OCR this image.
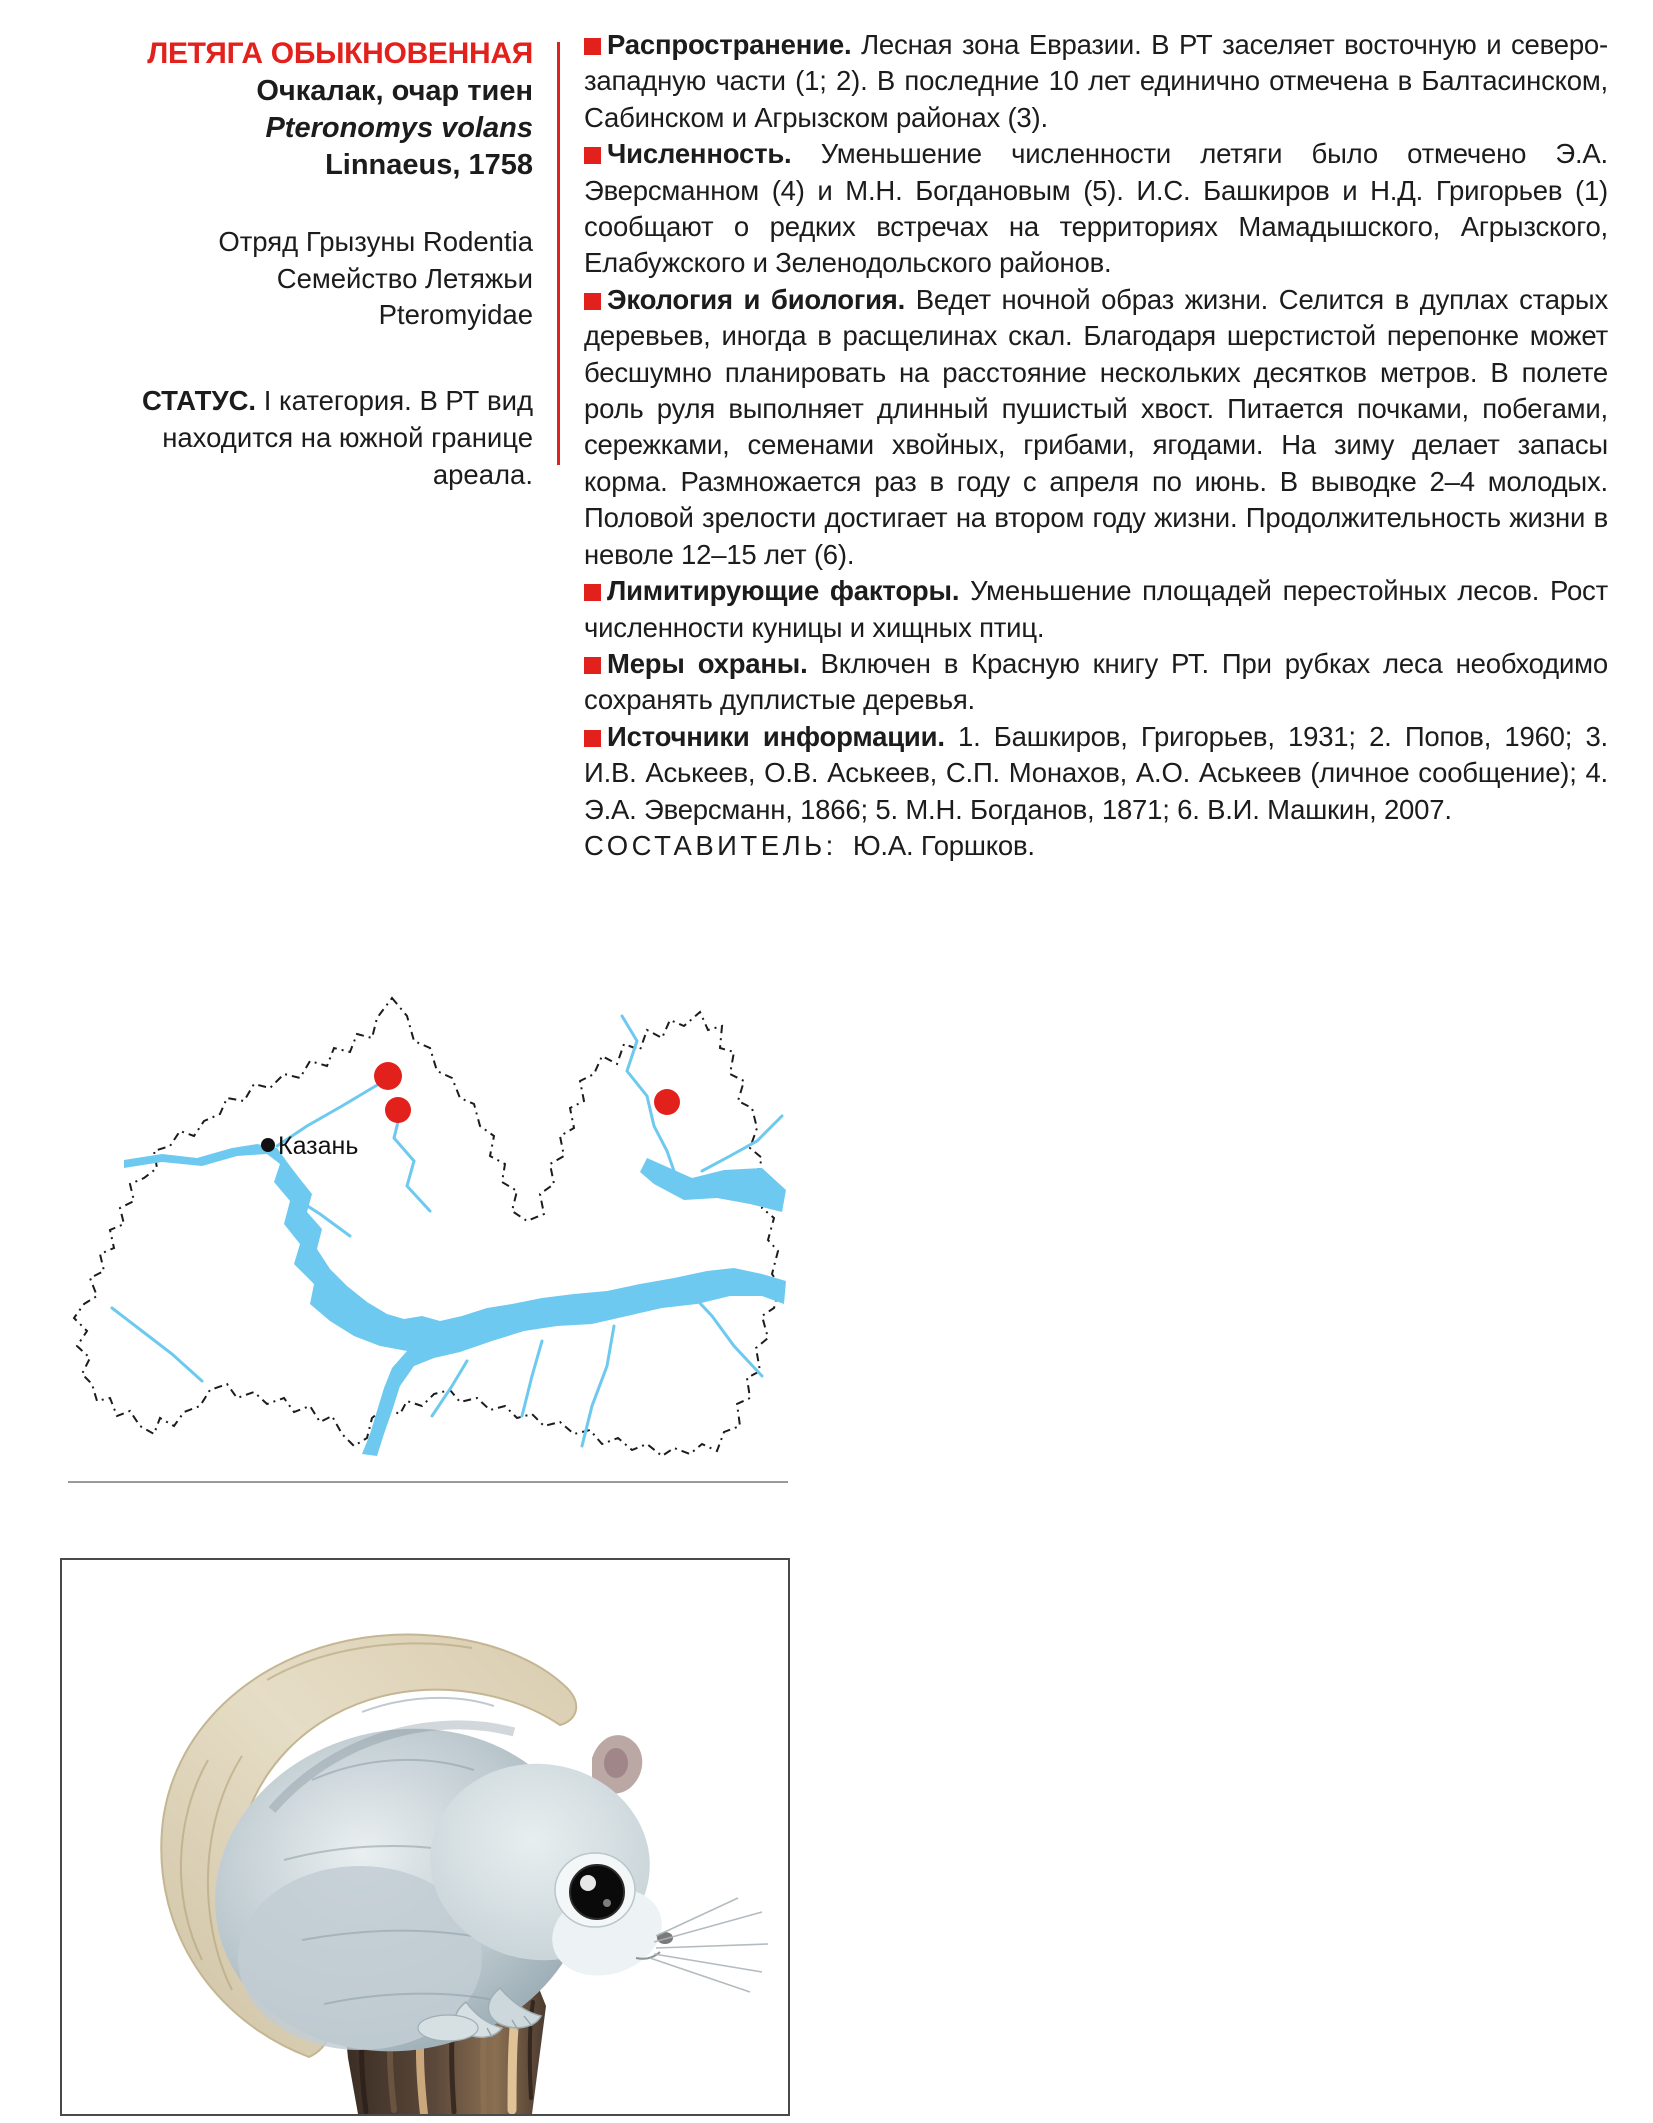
ЛЕТЯГА ОБЫКНОВЕННАЯ
Очкалак, очар тиен
Pteronomys volans
Linnaeus, 1758
Отряд Грызуны Rodentia
Семейство Летяжьи
Pteromyidae
СТАТУС. I категория. В РТ вид находится на южной границе ареала.

Распространение. Лесная зона Евразии. В РТ заселяет восточную и северо-западную части (1; 2). В последние 10 лет единично отмечена в Балтасинском, Сабинском и Агрызском районах (3).

Численность. Уменьшение численности летяги было отмечено Э.А. Эверсманном (4) и М.Н. Богдановым (5). И.С. Башкиров и Н.Д. Григорьев (1) сообщают о редких встречах на территориях Мамадышского, Агрызского, Елабужского и Зеленодольского районов.

Экология и биология. Ведет ночной образ жизни. Селится в дуплах старых деревьев, иногда в расщелинах скал. Благодаря шерстистой перепонке может бесшумно планировать на расстояние нескольких десятков метров. В полете роль руля выполняет длинный пушистый хвост. Питается почками, побегами, сережками, семенами хвойных, грибами, ягодами. На зиму делает запасы корма. Размножается раз в году с апреля по июнь. В выводке 2–4 молодых. Половой зрелости достигает на втором году жизни. Продолжительность жизни в неволе 12–15 лет (6).

Лимитирующие факторы. Уменьшение площадей перестойных лесов. Рост численности куницы и хищных птиц.

Меры охраны. Включен в Красную книгу РТ. При рубках леса необходимо сохранять дуплистые деревья.

Источники информации. 1. Башкиров, Григорьев, 1931; 2. Попов, 1960; 3. И.В. Аськеев, О.В. Аськеев, С.П. Монахов, А.О. Аськеев (личное сообщение); 4. Э.А. Эверсманн, 1866; 5. М.Н. Богданов, 1871; 6. В.И. Машкин, 2007.

СОСТАВИТЕЛЬ: Ю.А. Горшков.

Казань
